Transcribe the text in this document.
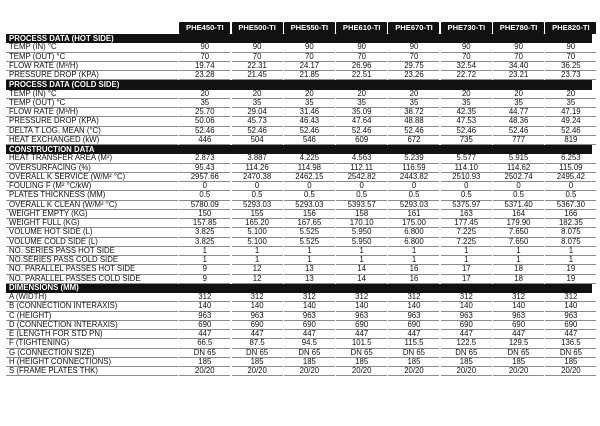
PHE450-TI	PHE500-TI	PHE550-TI	PHE610-TI	PHE670-TI	PHE730-TI	PHE780-TI	PHE820-TI
PROCESS DATA (HOT SIDE)
TEMP (IN) °C	90	90	90	90	90	90	90	90
TEMP (OUT) °C	70	70	70	70	70	70	70	70
FLOW RATE (M³/H)	19.74	22.31	24.17	26.96	29.75	32.54	34.40	36.25
PRESSURE DROP (KPA)	23.28	21.45	21.85	22.51	23.26	22.72	23.21	23.73
PROCESS DATA (COLD SIDE)
TEMP (IN) °C	20	20	20	20	20	20	20	20
TEMP (OUT) °C	35	35	35	35	35	35	35	35
FLOW RATE (M³/H)	25.70	29.04	31.46	35.09	38.72	42.35	44.77	47.19
PRESSURE DROP (KPA)	50.06	45.73	46.43	47.64	48.88	47.53	48.36	49.24
DELTA T LOG. MEAN (°C)	52.46	52.46	52.46	52.46	52.46	52.46	52.46	52.46
HEAT EXCHANGED (kW)	446	504	546	609	672	735	777	819
CONSTRUCTION DATA
HEAT TRANSFER AREA (M²)	2.873	3.887	4.225	4.563	5.239	5.577	5.915	6.253
OVERSURFACING (%)	95.43	114.26	114.98	112.11	116.59	114.10	114.62	115.09
OVERALL K SERVICE (W/M² °C)	2957.66	2470.38	2462.15	2542.82	2443.82	2510.93	2502.74	2495.42
FOULING F (M² °C/kW)	0	0	0	0	0	0	0	0
PLATES THICKNESS (MM)	0.5	0.5	0.5	0.5	0.5	0.5	0.5	0.5
OVERALL K CLEAN (W/M² °C)	5780.09	5293.03	5293.03	5393.57	5293.03	5375.97	5371.40	5367.30
WEIGHT EMPTY (KG)	150	155	156	158	161	163	164	166
WEIGHT FULL (KG)	157.85	165.20	167.65	170.10	175.00	177.45	179.90	182.35
VOLUME HOT SIDE (L)	3.825	5.100	5.525	5.950	6.800	7.225	7.650	8.075
VOLUME COLD SIDE (L)	3.825	5.100	5.525	5.950	6.800	7.225	7.650	8.075
NO. SERIES PASS HOT SIDE	1	1	1	1	1	1	1	1
NO.SERIES PASS COLD SIDE	1	1	1	1	1	1	1	1
NO. PARALLEL PASSES HOT SIDE	9	12	13	14	16	17	18	19
NO. PARALLEL PASSES COLD SIDE	9	12	13	14	16	17	18	19
DIMENSIONS (MM)
A (WIDTH)	312	312	312	312	312	312	312	312
B (CONNECTION INTERAXIS)	140	140	140	140	140	140	140	140
C (HEIGHT)	963	963	963	963	963	963	963	963
D (CONNECTION INTERAXIS)	690	690	690	690	690	690	690	690
E (LENGTH FOR STD PN)	447	447	447	447	447	447	447	447
F (TIGHTENING)	66.5	87.5	94.5	101.5	115.5	122.5	129.5	136.5
G (CONNECTION SIZE)	DN 65	DN 65	DN 65	DN 65	DN 65	DN 65	DN 65	DN 65
H (HEIGHT CONNECTIONS)	185	185	185	185	185	185	185	185
S (FRAME PLATES THK)	20/20	20/20	20/20	20/20	20/20	20/20	20/20	20/20
